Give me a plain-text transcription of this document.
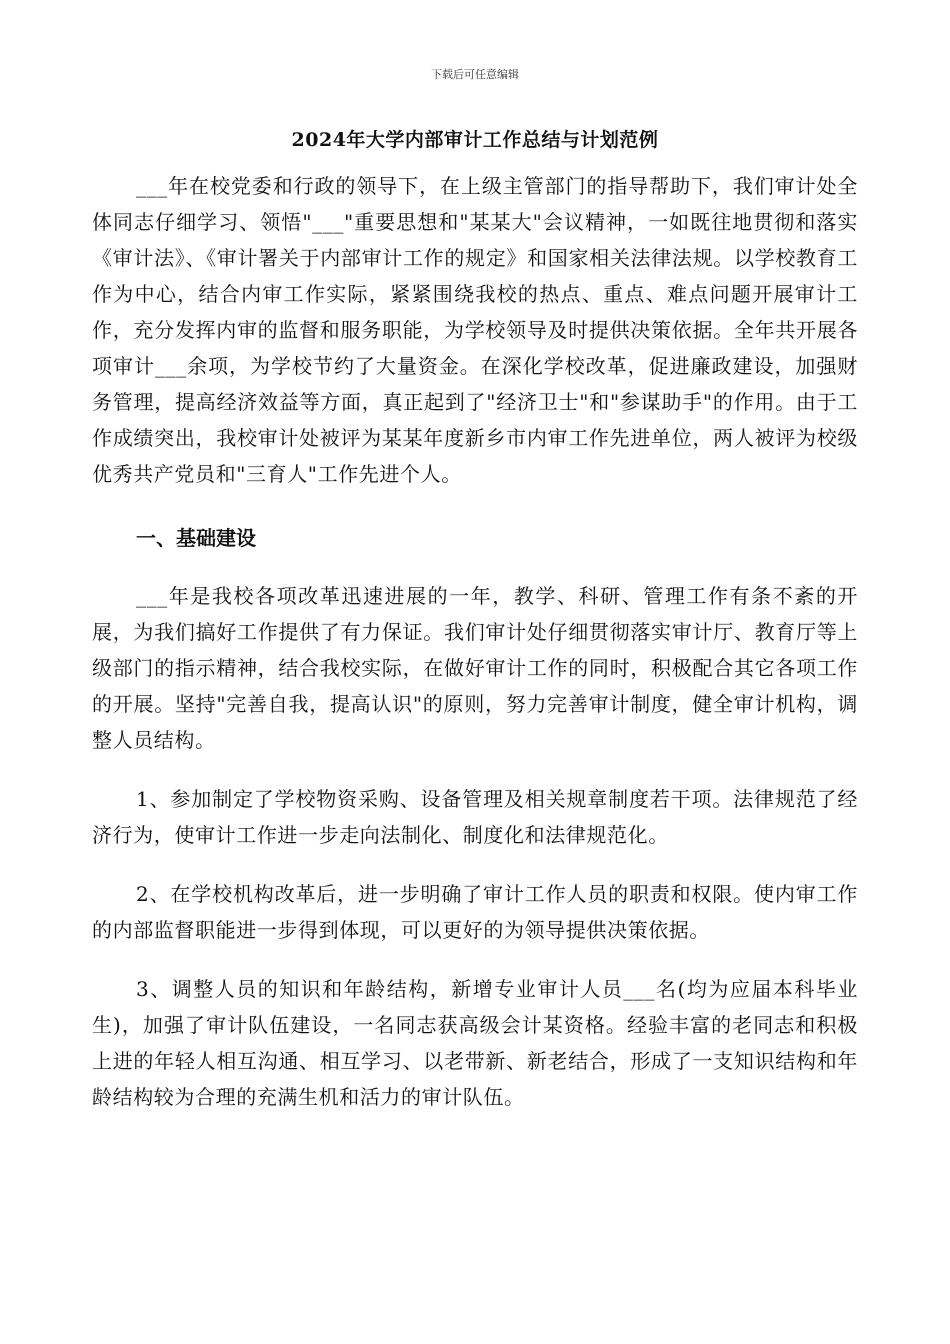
下载后可任意编辑
2024年大学内部审计工作总结与计划范例

___年在校党委和行政的领导下，在上级主管部门的指导帮助下，我们审计处全体同志仔细学习、领悟"___"重要思想和"某某大"会议精神，一如既往地贯彻和落实《审计法》、《审计署关于内部审计工作的规定》和国家相关法律法规。以学校教育工作为中心，结合内审工作实际，紧紧围绕我校的热点、重点、难点问题开展审计工作，充分发挥内审的监督和服务职能，为学校领导及时提供决策依据。全年共开展各项审计___余项，为学校节约了大量资金。在深化学校改革，促进廉政建设，加强财务管理，提高经济效益等方面，真正起到了"经济卫士"和"参谋助手"的作用。由于工作成绩突出，我校审计处被评为某某年度新乡市内审工作先进单位，两人被评为校级优秀共产党员和"三育人"工作先进个人。

一、基础建设

___年是我校各项改革迅速进展的一年，教学、科研、管理工作有条不紊的开展，为我们搞好工作提供了有力保证。我们审计处仔细贯彻落实审计厅、教育厅等上级部门的指示精神，结合我校实际，在做好审计工作的同时，积极配合其它各项工作的开展。坚持"完善自我，提高认识"的原则，努力完善审计制度，健全审计机构，调整人员结构。

1、参加制定了学校物资采购、设备管理及相关规章制度若干项。法律规范了经济行为，使审计工作进一步走向法制化、制度化和法律规范化。

2、在学校机构改革后，进一步明确了审计工作人员的职责和权限。使内审工作的内部监督职能进一步得到体现，可以更好的为领导提供决策依据。

3、调整人员的知识和年龄结构，新增专业审计人员___名(均为应届本科毕业生)，加强了审计队伍建设，一名同志获高级会计某资格。经验丰富的老同志和积极上进的年轻人相互沟通、相互学习、以老带新、新老结合，形成了一支知识结构和年龄结构较为合理的充满生机和活力的审计队伍。
